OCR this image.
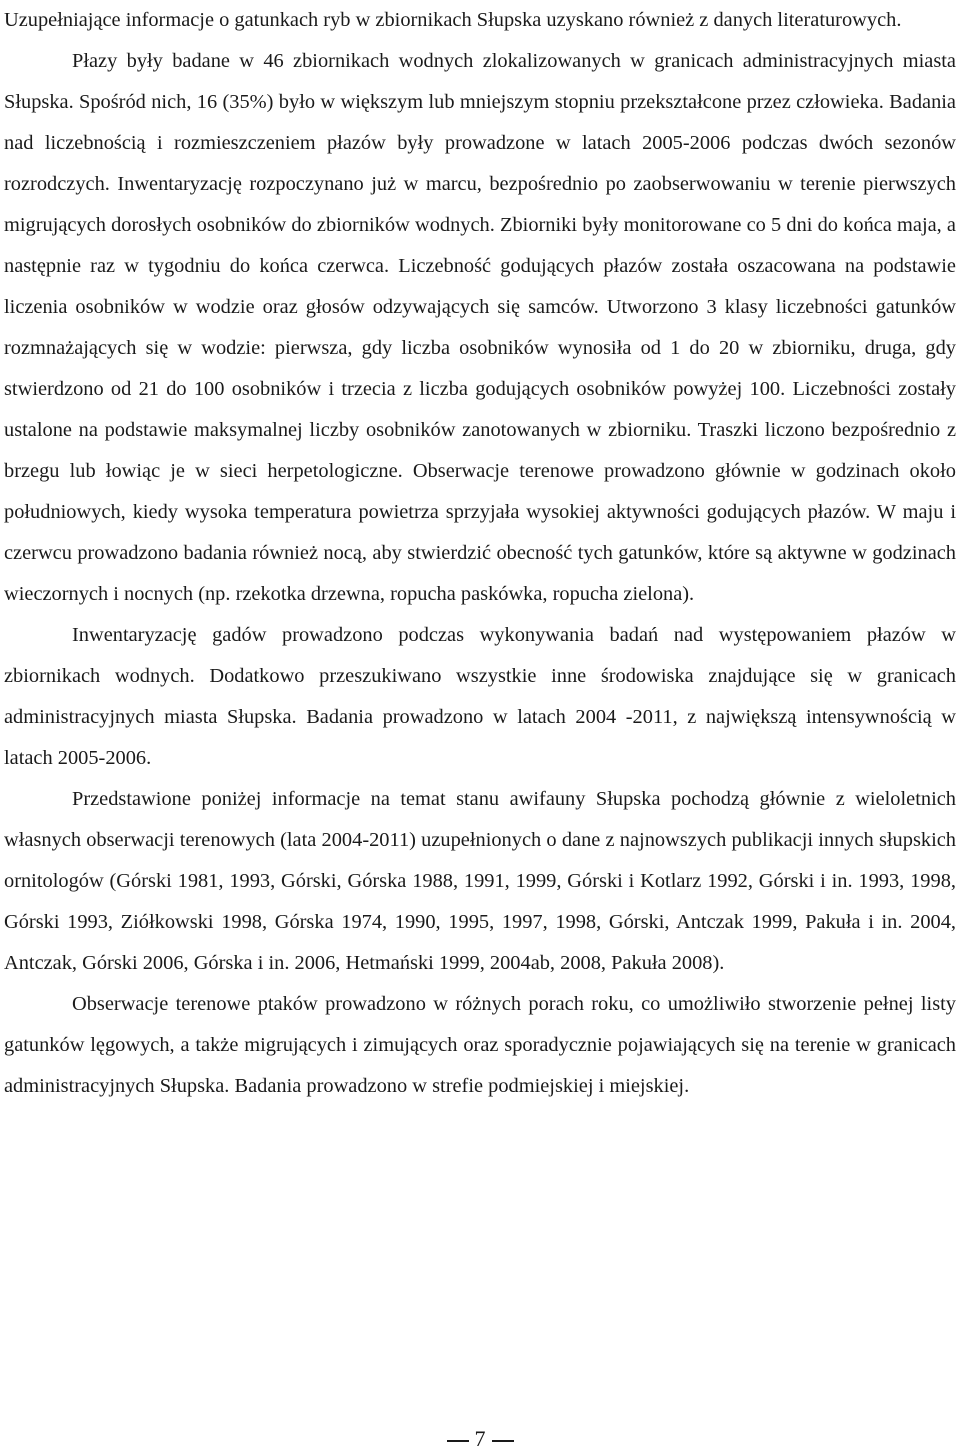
Uzupełniające informacje o gatunkach ryb w zbiornikach Słupska uzyskano również z danych literaturowych.

Płazy były badane w 46 zbiornikach wodnych zlokalizowanych w granicach administracyjnych miasta Słupska. Spośród nich, 16 (35%) było w większym lub mniejszym stopniu przekształcone przez człowieka. Badania nad liczebnością i rozmieszczeniem płazów były prowadzone w latach 2005-2006 podczas dwóch sezonów rozrodczych. Inwentaryzację rozpoczynano już w marcu, bezpośrednio po zaobserwowaniu w terenie pierwszych migrujących dorosłych osobników do zbiorników wodnych. Zbiorniki były monitorowane co 5 dni do końca maja, a następnie raz w tygodniu do końca czerwca. Liczebność godujących płazów została oszacowana na podstawie liczenia osobników w wodzie oraz głosów odzywających się samców. Utworzono 3 klasy liczebności gatunków rozmnażających się w wodzie: pierwsza, gdy liczba osobników wynosiła od 1 do 20 w zbiorniku, druga, gdy stwierdzono od 21 do 100 osobników i trzecia z liczba godujących osobników powyżej 100. Liczebności zostały ustalone na podstawie maksymalnej liczby osobników zanotowanych w zbiorniku. Traszki liczono bezpośrednio z brzegu lub łowiąc je w sieci herpetologiczne. Obserwacje terenowe prowadzono głównie w godzinach około południowych, kiedy wysoka temperatura powietrza sprzyjała wysokiej aktywności godujących płazów. W maju i czerwcu prowadzono badania również nocą, aby stwierdzić obecność tych gatunków, które są aktywne w godzinach wieczornych i nocnych (np. rzekotka drzewna, ropucha paskówka, ropucha zielona).

Inwentaryzację gadów prowadzono podczas wykonywania badań nad występowaniem płazów w zbiornikach wodnych. Dodatkowo przeszukiwano wszystkie inne środowiska znajdujące się w granicach administracyjnych miasta Słupska. Badania prowadzono w latach 2004 -2011, z największą intensywnością w latach 2005-2006.

Przedstawione poniżej informacje na temat stanu awifauny Słupska pochodzą głównie z wieloletnich własnych obserwacji terenowych (lata 2004-2011) uzupełnionych o dane z najnowszych publikacji innych słupskich ornitologów (Górski 1981, 1993, Górski, Górska 1988, 1991, 1999, Górski i Kotlarz 1992, Górski i in. 1993, 1998, Górski 1993, Ziółkowski 1998, Górska 1974, 1990, 1995, 1997, 1998, Górski, Antczak 1999, Pakuła i in. 2004, Antczak, Górski 2006, Górska i in. 2006, Hetmański 1999, 2004ab, 2008, Pakuła 2008).

Obserwacje terenowe ptaków prowadzono w różnych porach roku, co umożliwiło stworzenie pełnej listy gatunków lęgowych, a także migrujących i zimujących oraz sporadycznie pojawiających się na terenie w granicach administracyjnych Słupska. Badania prowadzono w strefie podmiejskiej i miejskiej.

7
